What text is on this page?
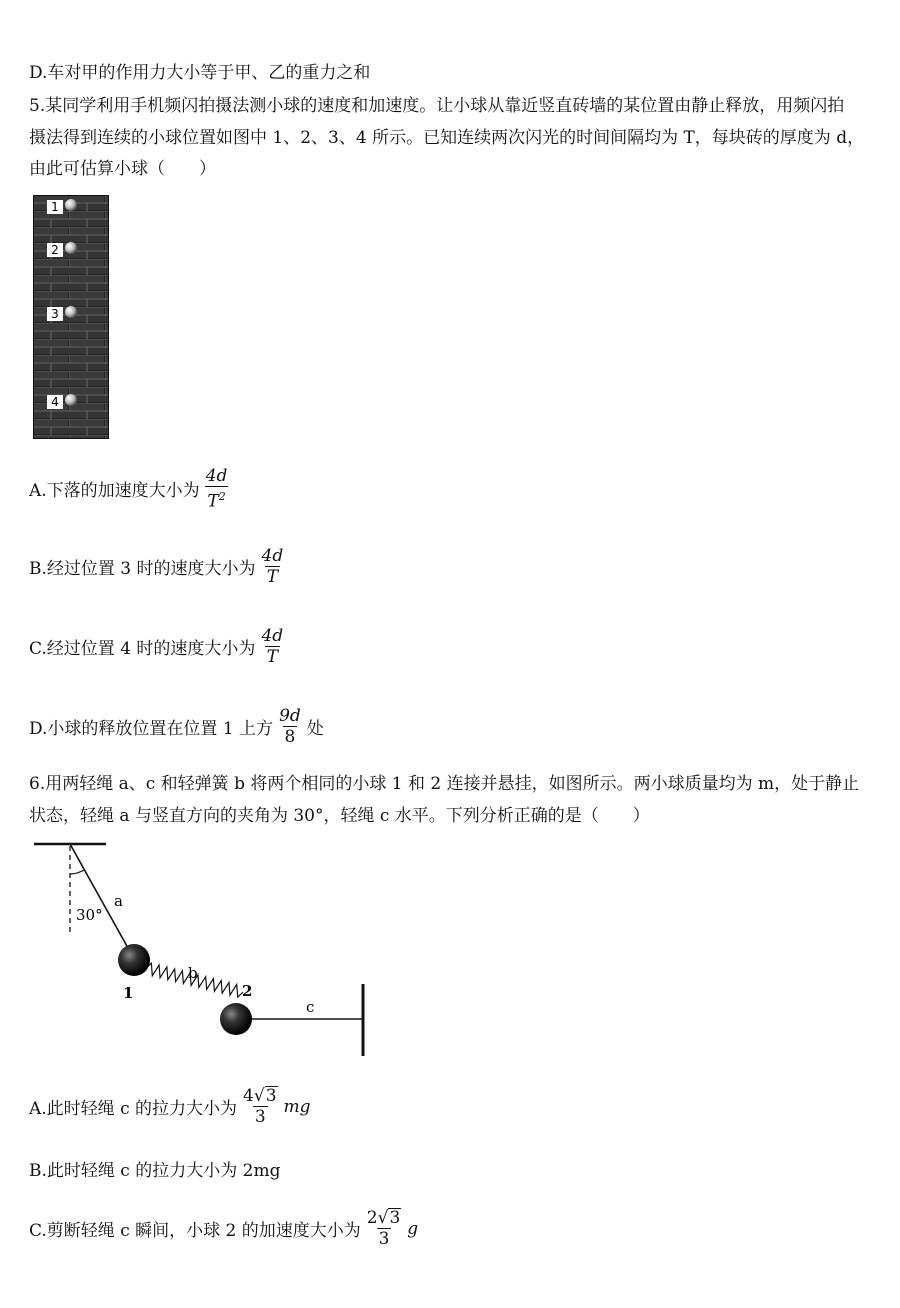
D.车对甲的作用力大小等于甲、乙的重力之和
5.某同学利用手机频闪拍摄法测小球的速度和加速度。让小球从靠近竖直砖墙的某位置由静止释放，用频闪拍
摄法得到连续的小球位置如图中 1、2、3、4 所示。已知连续两次闪光的时间间隔均为 T，每块砖的厚度为 d，
由此可估算小球（　　）
1
2
3
4
A.下落的加速度大小为 $\frac{4d}{T^2}$
B.经过位置 3 时的速度大小为 $\frac{4d}{T}$
C.经过位置 4 时的速度大小为 $\frac{4d}{T}$
D.小球的释放位置在位置 1 上方 $\frac{9d}{8}$ 处
6.用两轻绳 a、c 和轻弹簧 b 将两个相同的小球 1 和 2 连接并悬挂，如图所示。两小球质量均为 m，处于静止
状态，轻绳 a 与竖直方向的夹角为 30°，轻绳 c 水平。下列分析正确的是（　　）
30°
a
b
c
1	2
A.此时轻绳 c 的拉力大小为 $\frac{4 √ 3}{3}$ mg
B.此时轻绳 c 的拉力大小为 2mg
C.剪断轻绳 c 瞬间，小球 2 的加速度大小为 $\frac{2 √ 3}{3}$ g
